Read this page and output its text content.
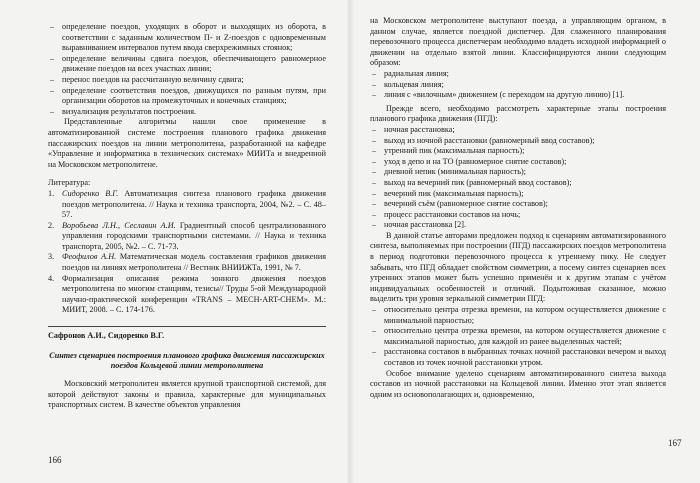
– определение поездов, уходящих в оборот и выходящих из оборота, в соответствии с заданным количеством П- и Z-поездов с одновременным выравниванием интервалов путем ввода сверхрежимных стоянок;
– определение величины сдвига поездов, обеспечивающего равномерное движение поездов на всех участках линии;
– перенос поездов на рассчитанную величину сдвига;
– определение соответствия поездов, движущихся по разным путям, при организации оборотов на промежуточных и конечных станциях;
– визуализация результатов построения.

Представленные алгоритмы нашли свое применение в автоматизированной системе построения планового графика движения пассажирских поездов на линии метрополитена, разработанной на кафедре «Управление и информатика в технических системах» МИИТа и внедренной на Московском метрополитене.

Литература:

1. Сидоренко В.Г. Автоматизация синтеза планового графика движения поездов метрополитена. // Наука и техника транспорта, 2004, №2. – С. 48–57.
2. Воробьева Л.Н., Сеславин А.И. Градиентный способ централизованного управления городскими транспортными системами. // Наука и техника транспорта, 2005, №2. – С. 71-73.
3. Феофилов А.Н. Математическая модель составления графиков движения поездов на линиях метрополитена // Вестник ВНИИЖТа, 1991, № 7.
4. Формализация описания режима зонного движения поездов метрополитена по многим станциям, тезисы// Труды 5-ой Международной научно-практической конференции «TRANS – MECH-ART-CHEM». М.: МИИТ, 2008. – С. 174-176.

Сафронов А.И., Сидоренко В.Г.

Синтез сценариев построения планового графика движения пассажирских поездов Кольцевой линии метрополитена

Московский метрополитен является крупной транспортной системой, для которой действуют законы и правила, характерные для муниципальных транспортных систем. В качестве объектов управления

166

на Московском метрополитене выступают поезда, а управляющим органом, в данном случае, является поездной диспетчер. Для слаженного планирования перевозочного процесса диспетчерам необходимо владеть исходной информацией о движении на отдельно взятой линии. Классифицируются линии следующим образом:

– радиальная линия;
– кольцевая линия;
– линия с «вилочным» движением (с переходом на другую линию) [1].

Прежде всего, необходимо рассмотреть характерные этапы построения планового графика движения (ПГД):

– ночная расстановка;
– выход из ночной расстановки (равномерный ввод составов);
– утренний пик (максимальная парность);
– уход в депо и на ТО (равномерное снятие составов);
– дневной непик (минимальная парность);
– выход на вечерний пик (равномерный ввод составов);
– вечерний пик (максимальная парность);
– вечерний съём (равномерное снятие составов);
– процесс расстановки составов на ночь;
– ночная расстановка [2].

В данной статье авторами предложен подход к сценариям автоматизированного синтеза, выполняемых при построении (ПГД) пассажирских поездов метрополитена в период подготовки перевозочного процесса к утреннему пику. Не следует забывать, что ПГД обладает свойством симметрии, а посему синтез сценариев всех утренних этапов может быть успешно применён и к другим этапам с учётом индивидуальных особенностей и отличий. Подытоживая сказанное, можно выделить три уровня зеркальной симметрии ПГД:

– относительно центра отрезка времени, на котором осуществляется движение с минимальной парностью;
– относительно центра отрезка времени, на котором осуществляется движение с максимальной парностью, для каждой из ранее выделенных частей;
– расстановка составов в выбранных точках ночной расстановки вечером и выход составов из точек ночной расстановки утром.

Особое внимание уделено сценариям автоматизированного синтеза выхода составов из ночной расстановки на Кольцевой линии. Именно этот этап является одним из основополагающих и, одновременно,

167
